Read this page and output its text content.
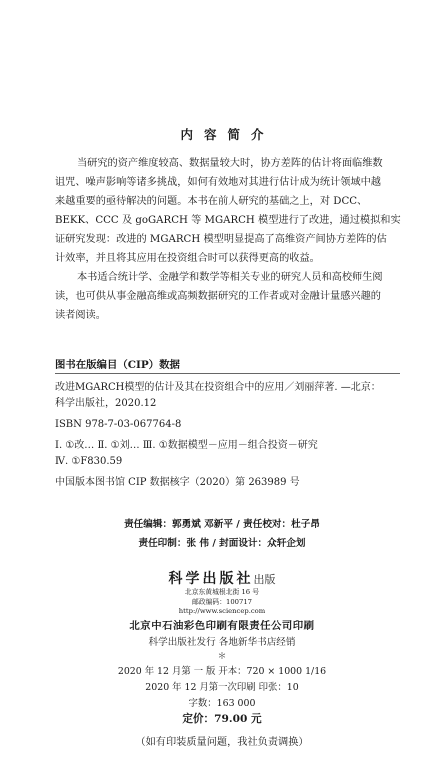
内容简介
当研究的资产维度较高、数据量较大时，协方差阵的估计将面临维数
诅咒、噪声影响等诸多挑战，如何有效地对其进行估计成为统计领域中越
来越重要的亟待解决的问题。本书在前人研究的基础之上，对 DCC、
BEKK、CCC 及 goGARCH 等 MGARCH 模型进行了改进，通过模拟和实
证研究发现：改进的 MGARCH 模型明显提高了高维资产间协方差阵的估
计效率，并且将其应用在投资组合时可以获得更高的收益。
本书适合统计学、金融学和数学等相关专业的研究人员和高校师生阅
读，也可供从事金融高维或高频数据研究的工作者或对金融计量感兴趣的
读者阅读。
图书在版编目（CIP）数据
改进MGARCH模型的估计及其在投资组合中的应用／刘丽萍著. —北京：
科学出版社，2020.12
ISBN 978-7-03-067764-8
Ⅰ. ①改… Ⅱ. ①刘… Ⅲ. ①数据模型－应用－组合投资－研究
Ⅳ. ①F830.59
中国版本图书馆 CIP 数据核字（2020）第 263989 号
责任编辑：郭勇斌 邓新平 / 责任校对：杜子昂
责任印制：张 伟 / 封面设计：众轩企划
科学出版社出版
北京东黄城根北街 16 号
邮政编码：100717
http://www.sciencep.com
北京中石油彩色印刷有限责任公司印刷
科学出版社发行 各地新华书店经销
＊
2020 年 12 月第 一 版 开本：720 × 1000 1/16
2020 年 12 月第一次印刷 印张：10
字数：163 000
定价：79.00 元
（如有印装质量问题，我社负责调换）
